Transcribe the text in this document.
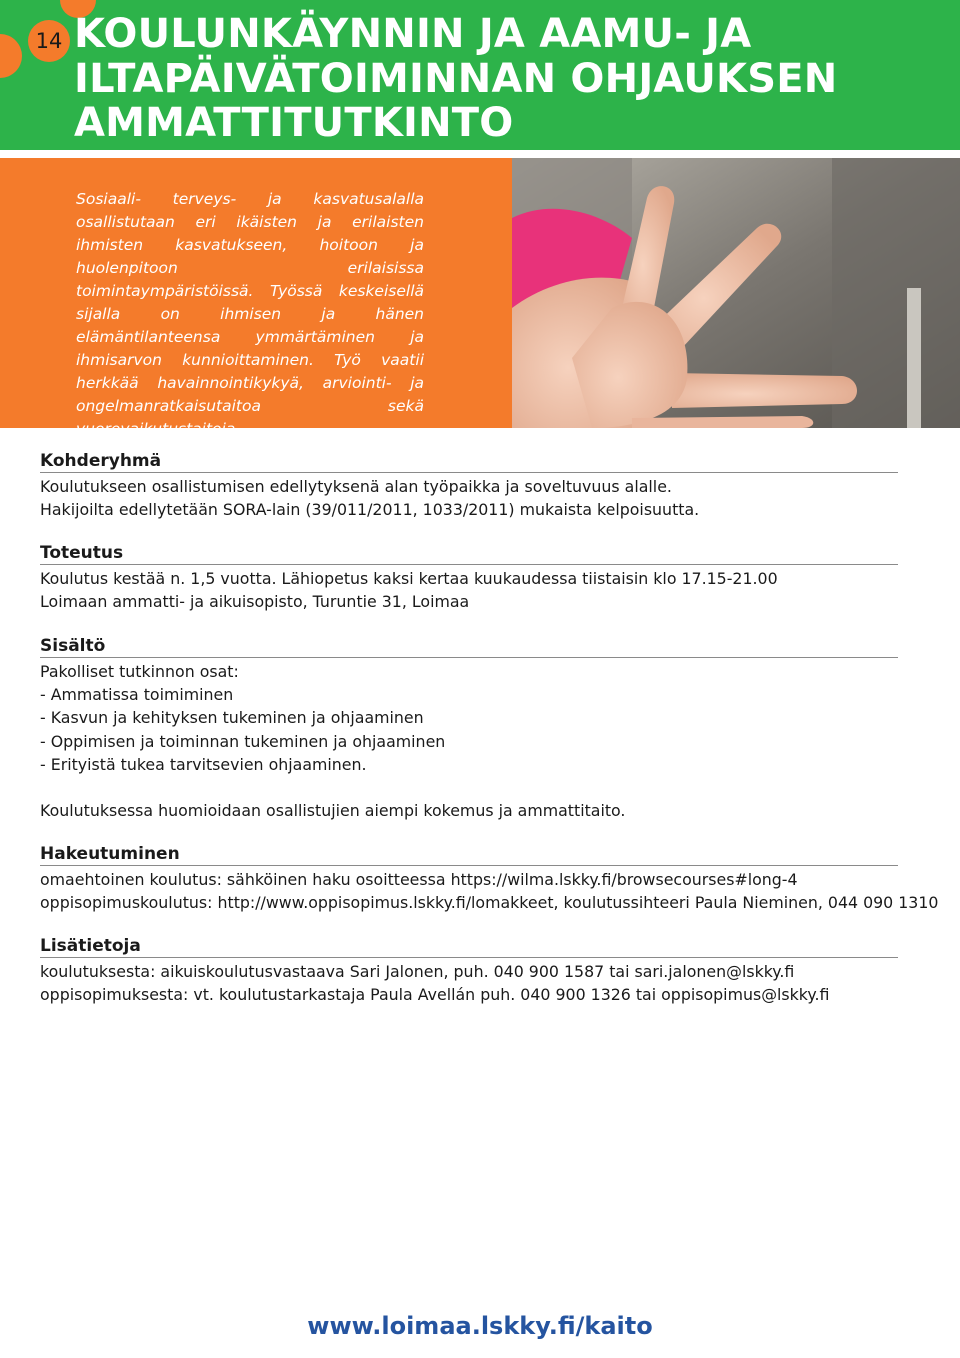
14 KOULUNKÄYNNIN JA AAMU- JA
ILTAPÄIVÄTOIMINNAN OHJAUKSEN
AMMATTITUTKINTO

Sosiaali- terveys- ja kasvatusalalla osallistutaan eri ikäisten ja erilaisten ihmisten kasvatukseen, hoitoon ja huolenpitoon erilaisissa toimintaympäristöissä. Työssä keskeisellä sijalla on ihmisen ja hänen elämäntilanteensa ymmärtäminen ja ihmisarvon kunnioittaminen. Työ vaatii herkkää havainnointikykyä, arviointi- ja ongelmanratkaisutaitoa sekä vuorovaikutustaitoja.

Kohderyhmä

Koulutukseen osallistumisen edellytyksenä alan työpaikka ja soveltuvuus alalle.

Hakijoilta edellytetään SORA-lain (39/011/2011, 1033/2011) mukaista kelpoisuutta.

Toteutus

Koulutus kestää n. 1,5 vuotta. Lähiopetus kaksi kertaa kuukaudessa tiistaisin klo 17.15-21.00

Loimaan ammatti- ja aikuisopisto, Turuntie 31, Loimaa

Sisältö

Pakolliset tutkinnon osat:

- Ammatissa toimiminen

- Kasvun ja kehityksen tukeminen ja ohjaaminen

- Oppimisen ja toiminnan tukeminen ja ohjaaminen

- Erityistä tukea tarvitsevien ohjaaminen.

Koulutuksessa huomioidaan osallistujien aiempi kokemus ja ammattitaito.

Hakeutuminen

omaehtoinen koulutus: sähköinen haku osoitteessa https://wilma.lskky.fi/browsecourses#long-4

oppisopimuskoulutus: http://www.oppisopimus.lskky.fi/lomakkeet, koulutussihteeri Paula Nieminen, 044 090 1310

Lisätietoja

koulutuksesta: aikuiskoulutusvastaava Sari Jalonen, puh. 040 900 1587 tai sari.jalonen@lskky.fi

oppisopimuksesta: vt. koulutustarkastaja Paula Avellán puh. 040 900 1326 tai oppisopimus@lskky.fi

www.loimaa.lskky.fi/kaito
